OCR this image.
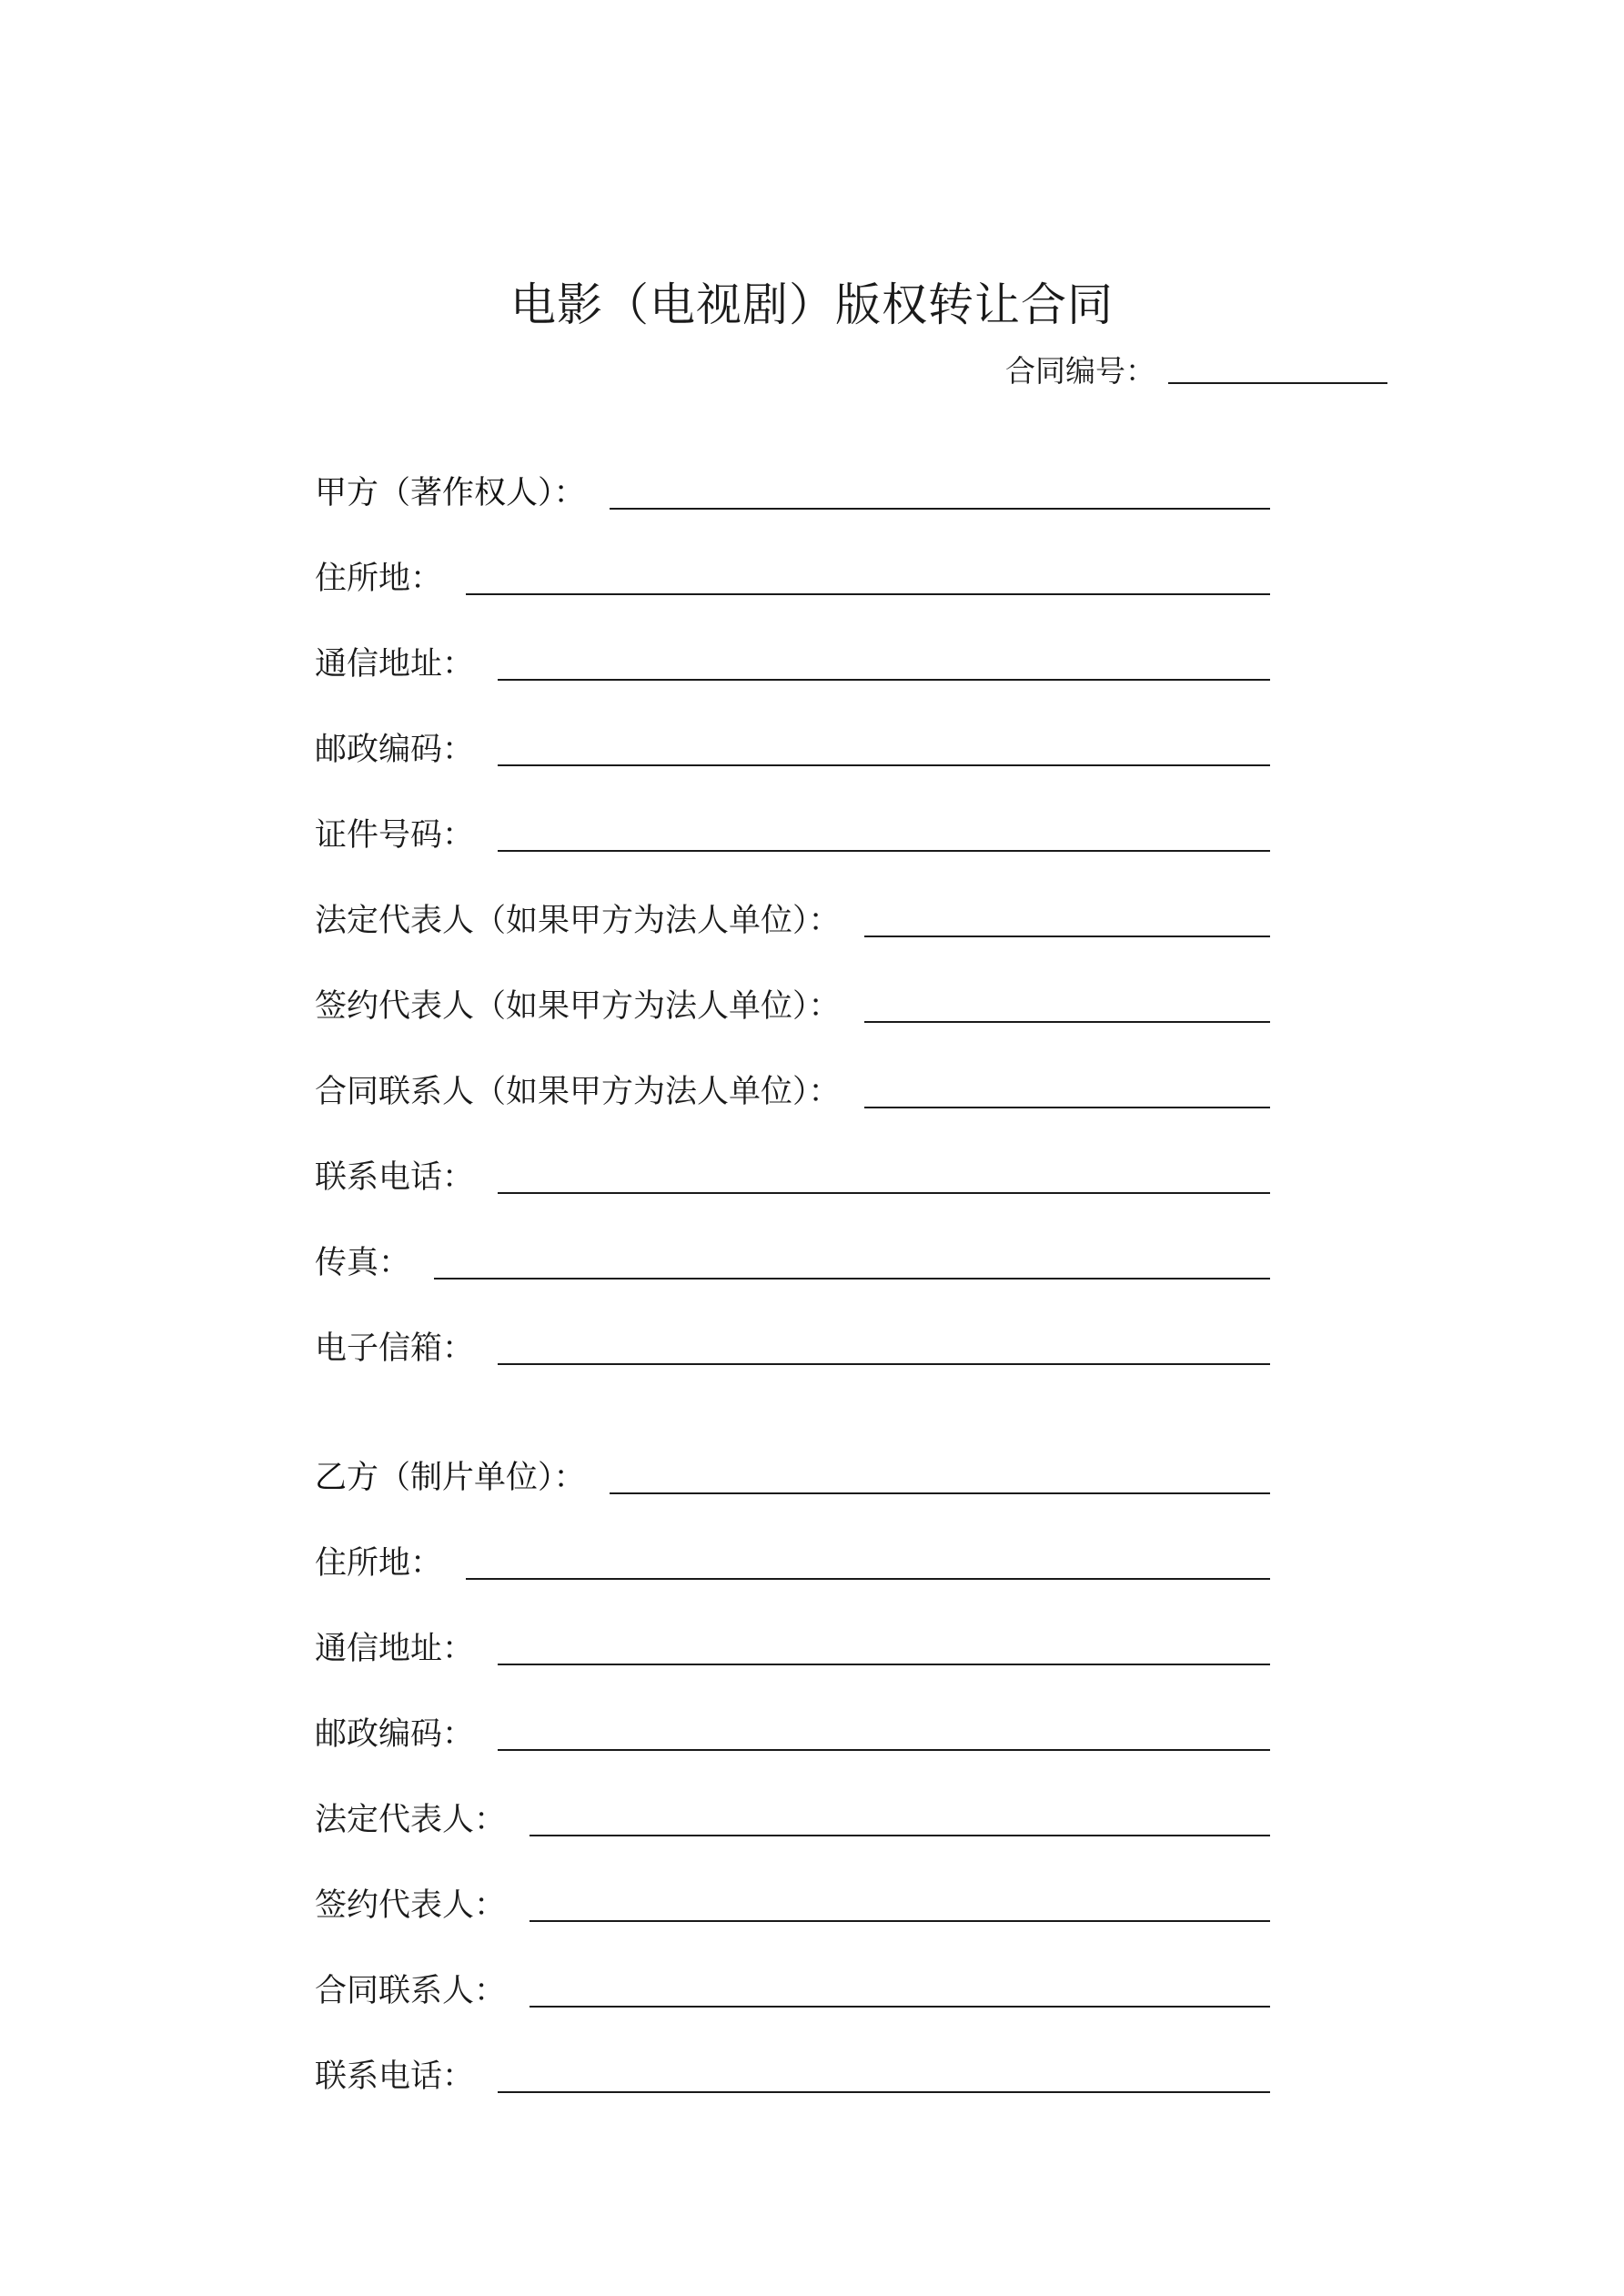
电影（电视剧）版权转让合同
合同编号：
甲方（著作权人）：
住所地：
通信地址：
邮政编码：
证件号码：
法定代表人（如果甲方为法人单位）：
签约代表人（如果甲方为法人单位）：
合同联系人（如果甲方为法人单位）：
联系电话：
传真：
电子信箱：
乙方（制片单位）：
住所地：
通信地址：
邮政编码：
法定代表人：
签约代表人：
合同联系人：
联系电话：
